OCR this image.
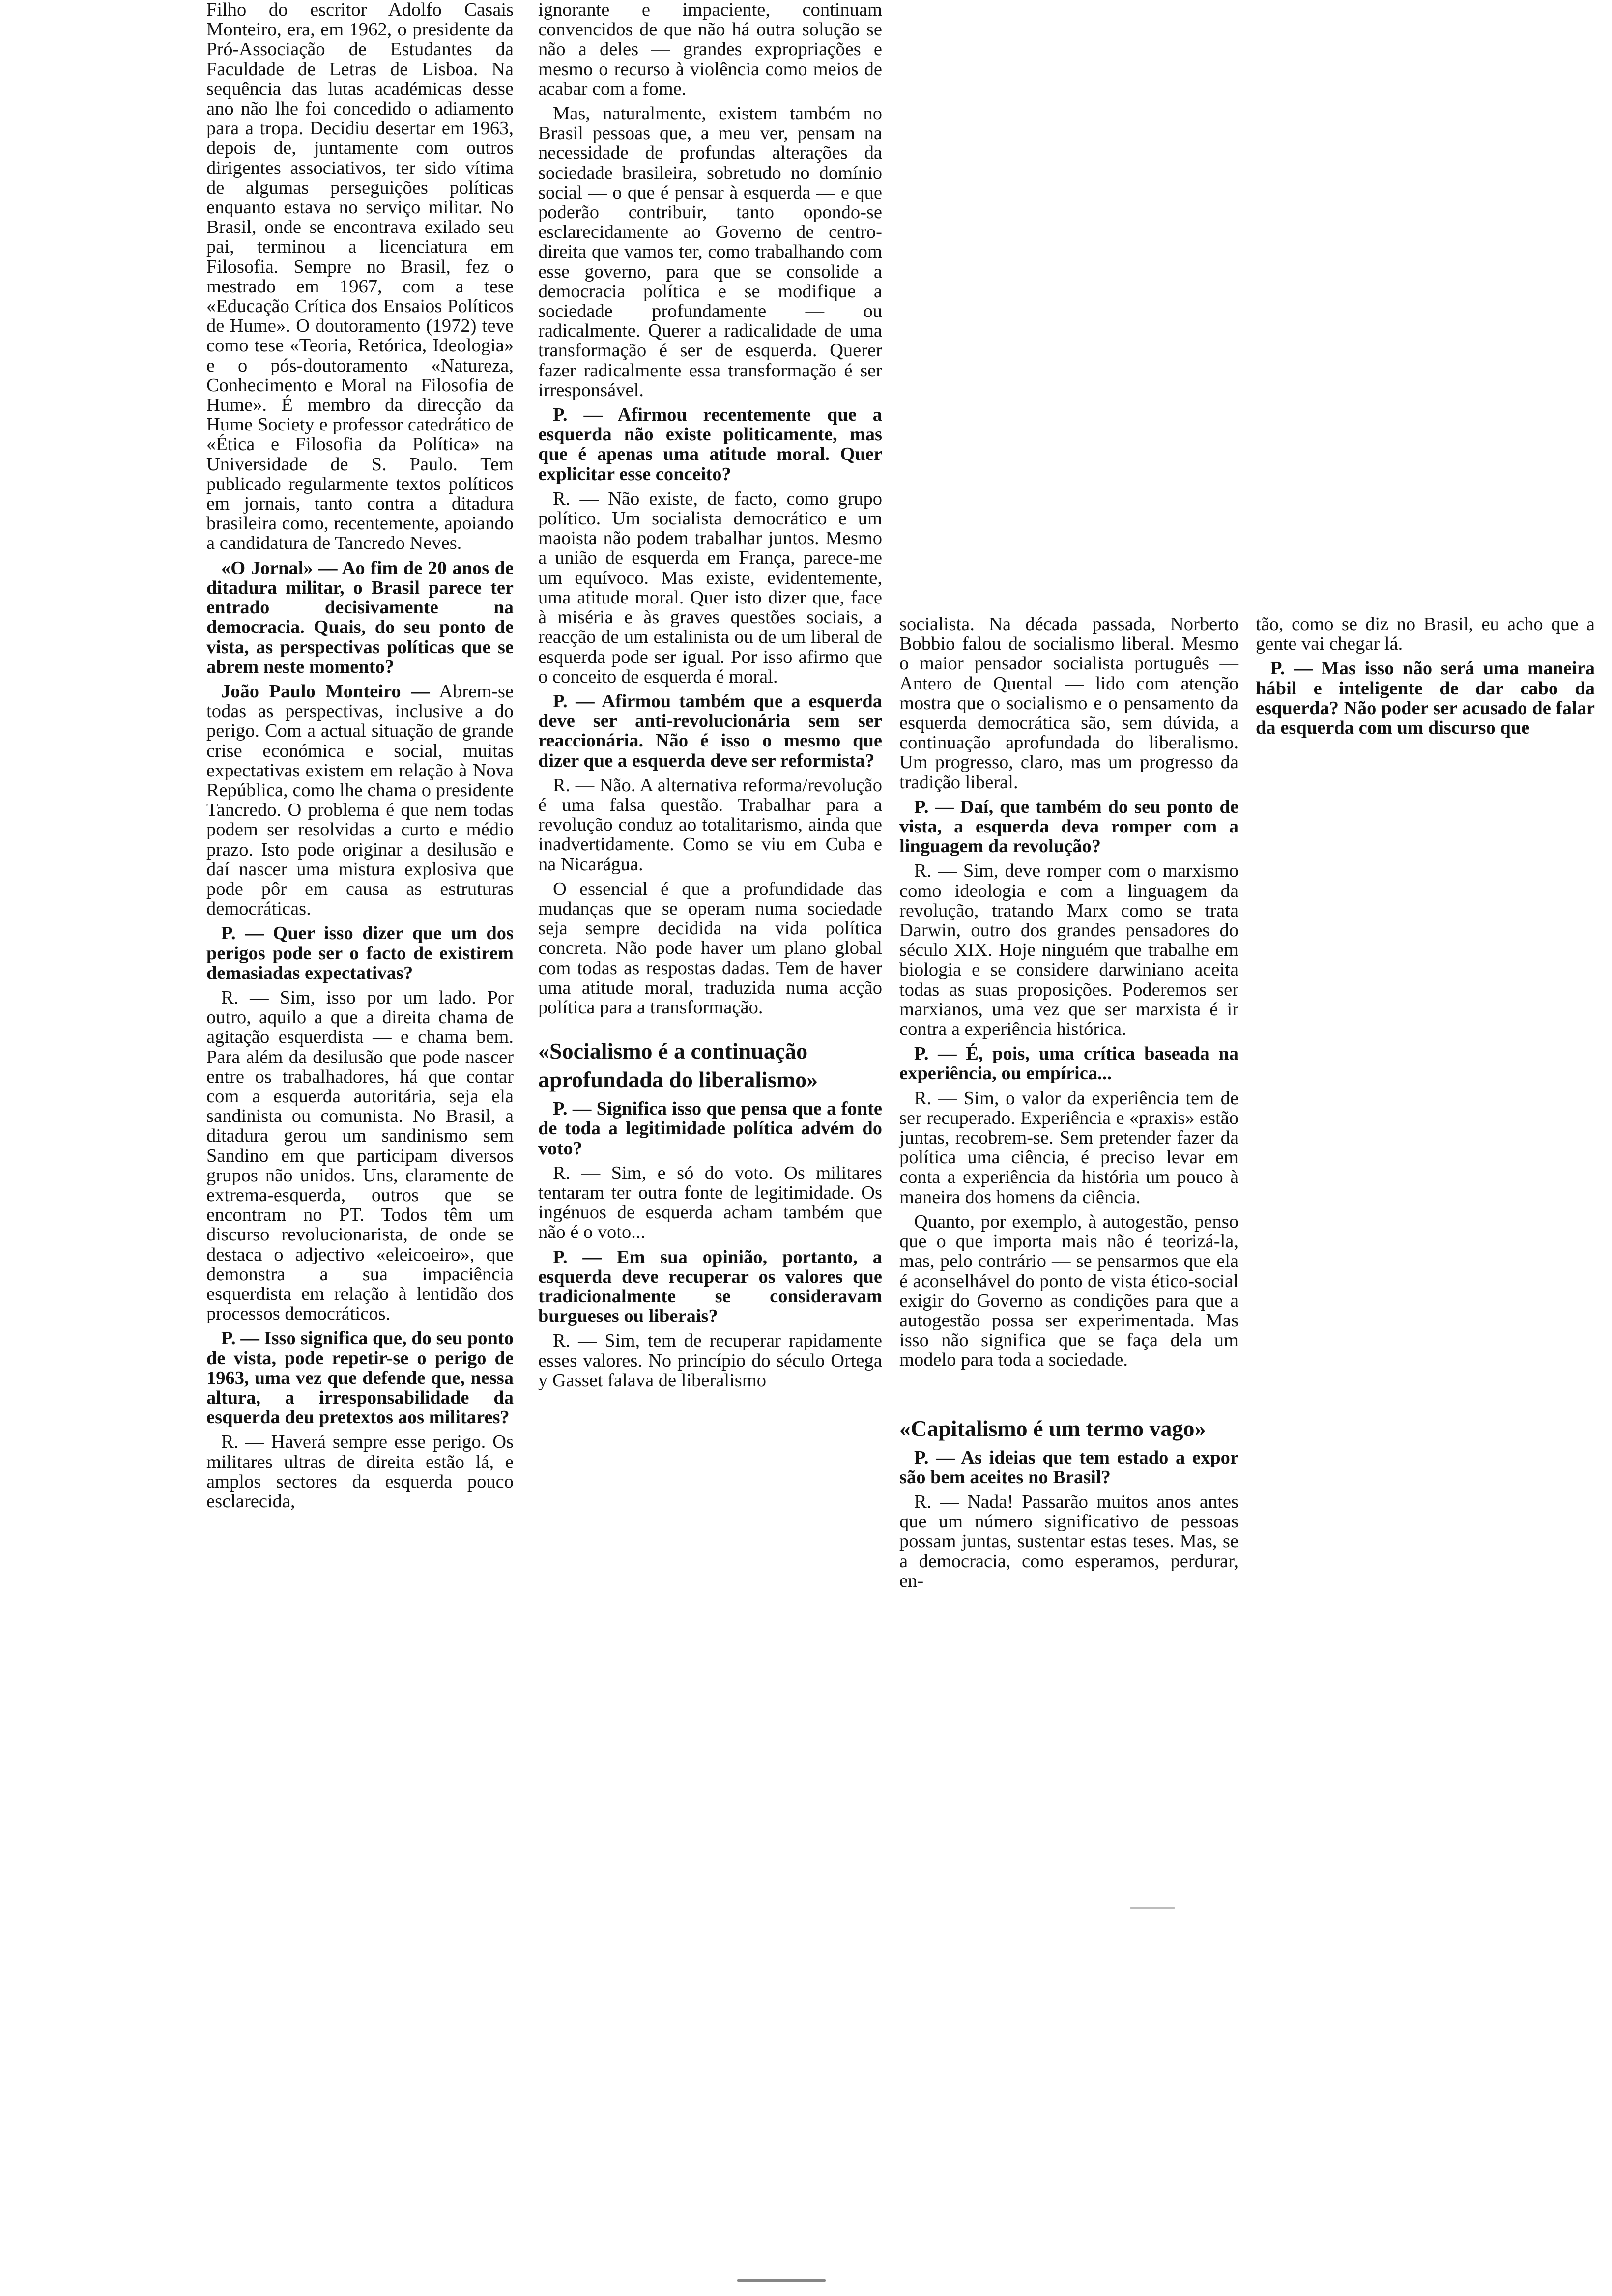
Filho do escritor Adolfo Casais Monteiro, era, em 1962, o presidente da Pró-Associação de Estudantes da Faculdade de Letras de Lisboa. Na sequência das lutas académicas desse ano não lhe foi concedido o adiamento para a tropa. Decidiu desertar em 1963, depois de, juntamente com outros dirigentes associativos, ter sido vítima de algumas perseguições políticas enquanto estava no serviço militar. No Brasil, onde se encontrava exilado seu pai, terminou a licenciatura em Filosofia. Sempre no Brasil, fez o mestrado em 1967, com a tese «Educação Crítica dos Ensaios Políticos de Hume». O doutoramento (1972) teve como tese «Teoria, Retórica, Ideologia» e o pós-doutoramento «Natureza, Conhecimento e Moral na Filosofia de Hume». É membro da direcção da Hume Society e professor catedrático de «Ética e Filosofia da Política» na Universidade de S. Paulo. Tem publicado regularmente textos políticos em jornais, tanto contra a ditadura brasileira como, recentemente, apoiando a candidatura de Tancredo Neves.

«O Jornal» — Ao fim de 20 anos de ditadura militar, o Brasil parece ter entrado decisivamente na democracia. Quais, do seu ponto de vista, as perspectivas políticas que se abrem neste momento?

João Paulo Monteiro — Abrem-se todas as perspectivas, inclusive a do perigo. Com a actual situação de grande crise económica e social, muitas expectativas existem em relação à Nova República, como lhe chama o presidente Tancredo. O problema é que nem todas podem ser resolvidas a curto e médio prazo. Isto pode originar a desilusão e daí nascer uma mistura explosiva que pode pôr em causa as estruturas democráticas.

P. — Quer isso dizer que um dos perigos pode ser o facto de existirem demasiadas expectativas?

R. — Sim, isso por um lado. Por outro, aquilo a que a direita chama de agitação esquerdista — e chama bem. Para além da desilusão que pode nascer entre os trabalhadores, há que contar com a esquerda autoritária, seja ela sandinista ou comunista. No Brasil, a ditadura gerou um sandinismo sem Sandino em que participam diversos grupos não unidos. Uns, claramente de extrema-esquerda, outros que se encontram no PT. Todos têm um discurso revolucionarista, de onde se destaca o adjectivo «eleicoeiro», que demonstra a sua impaciência esquerdista em relação à lentidão dos processos democráticos.

P. — Isso significa que, do seu ponto de vista, pode repetir-se o perigo de 1963, uma vez que defende que, nessa altura, a irresponsabilidade da esquerda deu pretextos aos militares?

R. — Haverá sempre esse perigo. Os militares ultras de direita estão lá, e amplos sectores da esquerda pouco esclarecida,

ignorante e impaciente, continuam convencidos de que não há outra solução se não a deles — grandes expropriações e mesmo o recurso à violência como meios de acabar com a fome.

Mas, naturalmente, existem também no Brasil pessoas que, a meu ver, pensam na necessidade de profundas alterações da sociedade brasileira, sobretudo no domínio social — o que é pensar à esquerda — e que poderão contribuir, tanto opondo-se esclarecidamente ao Governo de centro-direita que vamos ter, como trabalhando com esse governo, para que se consolide a democracia política e se modifique a sociedade profundamente — ou radicalmente. Querer a radicalidade de uma transformação é ser de esquerda. Querer fazer radicalmente essa transformação é ser irresponsável.

P. — Afirmou recentemente que a esquerda não existe politicamente, mas que é apenas uma atitude moral. Quer explicitar esse conceito?

R. — Não existe, de facto, como grupo político. Um socialista democrático e um maoista não podem trabalhar juntos. Mesmo a união de esquerda em França, parece-me um equívoco. Mas existe, evidentemente, uma atitude moral. Quer isto dizer que, face à miséria e às graves questões sociais, a reacção de um estalinista ou de um liberal de esquerda pode ser igual. Por isso afirmo que o conceito de esquerda é moral.

P. — Afirmou também que a esquerda deve ser anti-revolucionária sem ser reaccionária. Não é isso o mesmo que dizer que a esquerda deve ser reformista?

R. — Não. A alternativa reforma/revolução é uma falsa questão. Trabalhar para a revolução conduz ao totalitarismo, ainda que inadvertidamente. Como se viu em Cuba e na Nicarágua.

O essencial é que a profundidade das mudanças que se operam numa sociedade seja sempre decidida na vida política concreta. Não pode haver um plano global com todas as respostas dadas. Tem de haver uma atitude moral, traduzida numa acção política para a transformação.

«Socialismo é a continuação aprofundada do liberalismo»

P. — Significa isso que pensa que a fonte de toda a legitimidade política advém do voto?

R. — Sim, e só do voto. Os militares tentaram ter outra fonte de legitimidade. Os ingénuos de esquerda acham também que não é o voto...

P. — Em sua opinião, portanto, a esquerda deve recuperar os valores que tradicionalmente se consideravam burgueses ou liberais?

R. — Sim, tem de recuperar rapidamente esses valores. No princípio do século Ortega y Gasset falava de liberalismo

socialista. Na década passada, Norberto Bobbio falou de socialismo liberal. Mesmo o maior pensador socialista português — Antero de Quental — lido com atenção mostra que o socialismo e o pensamento da esquerda democrática são, sem dúvida, a continuação aprofundada do liberalismo. Um progresso, claro, mas um progresso da tradição liberal.

P. — Daí, que também do seu ponto de vista, a esquerda deva romper com a linguagem da revolução?

R. — Sim, deve romper com o marxismo como ideologia e com a linguagem da revolução, tratando Marx como se trata Darwin, outro dos grandes pensadores do século XIX. Hoje ninguém que trabalhe em biologia e se considere darwiniano aceita todas as suas proposições. Poderemos ser marxianos, uma vez que ser marxista é ir contra a experiência histórica.

P. — É, pois, uma crítica baseada na experiência, ou empírica...

R. — Sim, o valor da experiência tem de ser recuperado. Experiência e «praxis» estão juntas, recobrem-se. Sem pretender fazer da política uma ciência, é preciso levar em conta a experiência da história um pouco à maneira dos homens da ciência.

Quanto, por exemplo, à autogestão, penso que o que importa mais não é teorizá-la, mas, pelo contrário — se pensarmos que ela é aconselhável do ponto de vista ético-social exigir do Governo as condições para que a autogestão possa ser experimentada. Mas isso não significa que se faça dela um modelo para toda a sociedade.

«Capitalismo é um termo vago»

P. — As ideias que tem estado a expor são bem aceites no Brasil?

R. — Nada! Passarão muitos anos antes que um número significativo de pessoas possam juntas, sustentar estas teses. Mas, se a democracia, como esperamos, perdurar, en-

tão, como se diz no Brasil, eu acho que a gente vai chegar lá.

P. — Mas isso não será uma maneira hábil e inteligente de dar cabo da esquerda? Não poder ser acusado de falar da esquerda com um discurso que
